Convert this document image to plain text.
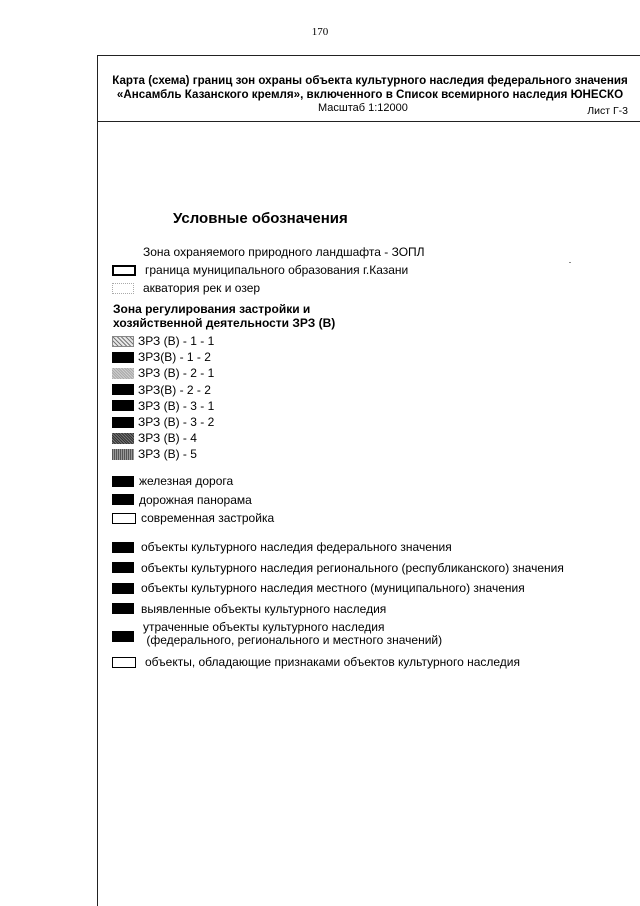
170
Карта (схема) границ зон охраны объекта культурного наследия федерального значения
«Ансамбль Казанского кремля», включенного в Список всемирного наследия ЮНЕСКО
Масштаб 1:12000	Лист Г-3
Условные обозначения
Зона охраняемого природного ландшафта - ЗОПЛ
граница муниципального образования г.Казани
акватория рек и озер
Зона регулирования застройки и
хозяйственной деятельности ЗРЗ (В)
ЗРЗ (В) - 1 - 1
ЗРЗ(В) - 1 - 2
ЗРЗ (В) - 2 - 1
ЗРЗ(В) - 2 - 2
ЗРЗ (В) - 3 - 1
ЗРЗ (В) - 3 - 2
ЗРЗ (В) - 4
ЗРЗ (В) - 5
железная дорога
дорожная панорама
современная застройка
объекты культурного наследия федерального значения
объекты культурного наследия регионального (республиканского) значения
объекты культурного наследия местного (муниципального) значения
выявленные объекты культурного наследия
утраченные объекты культурного наследия
(федерального, регионального и местного значений)
объекты, обладающие признаками объектов культурного наследия
